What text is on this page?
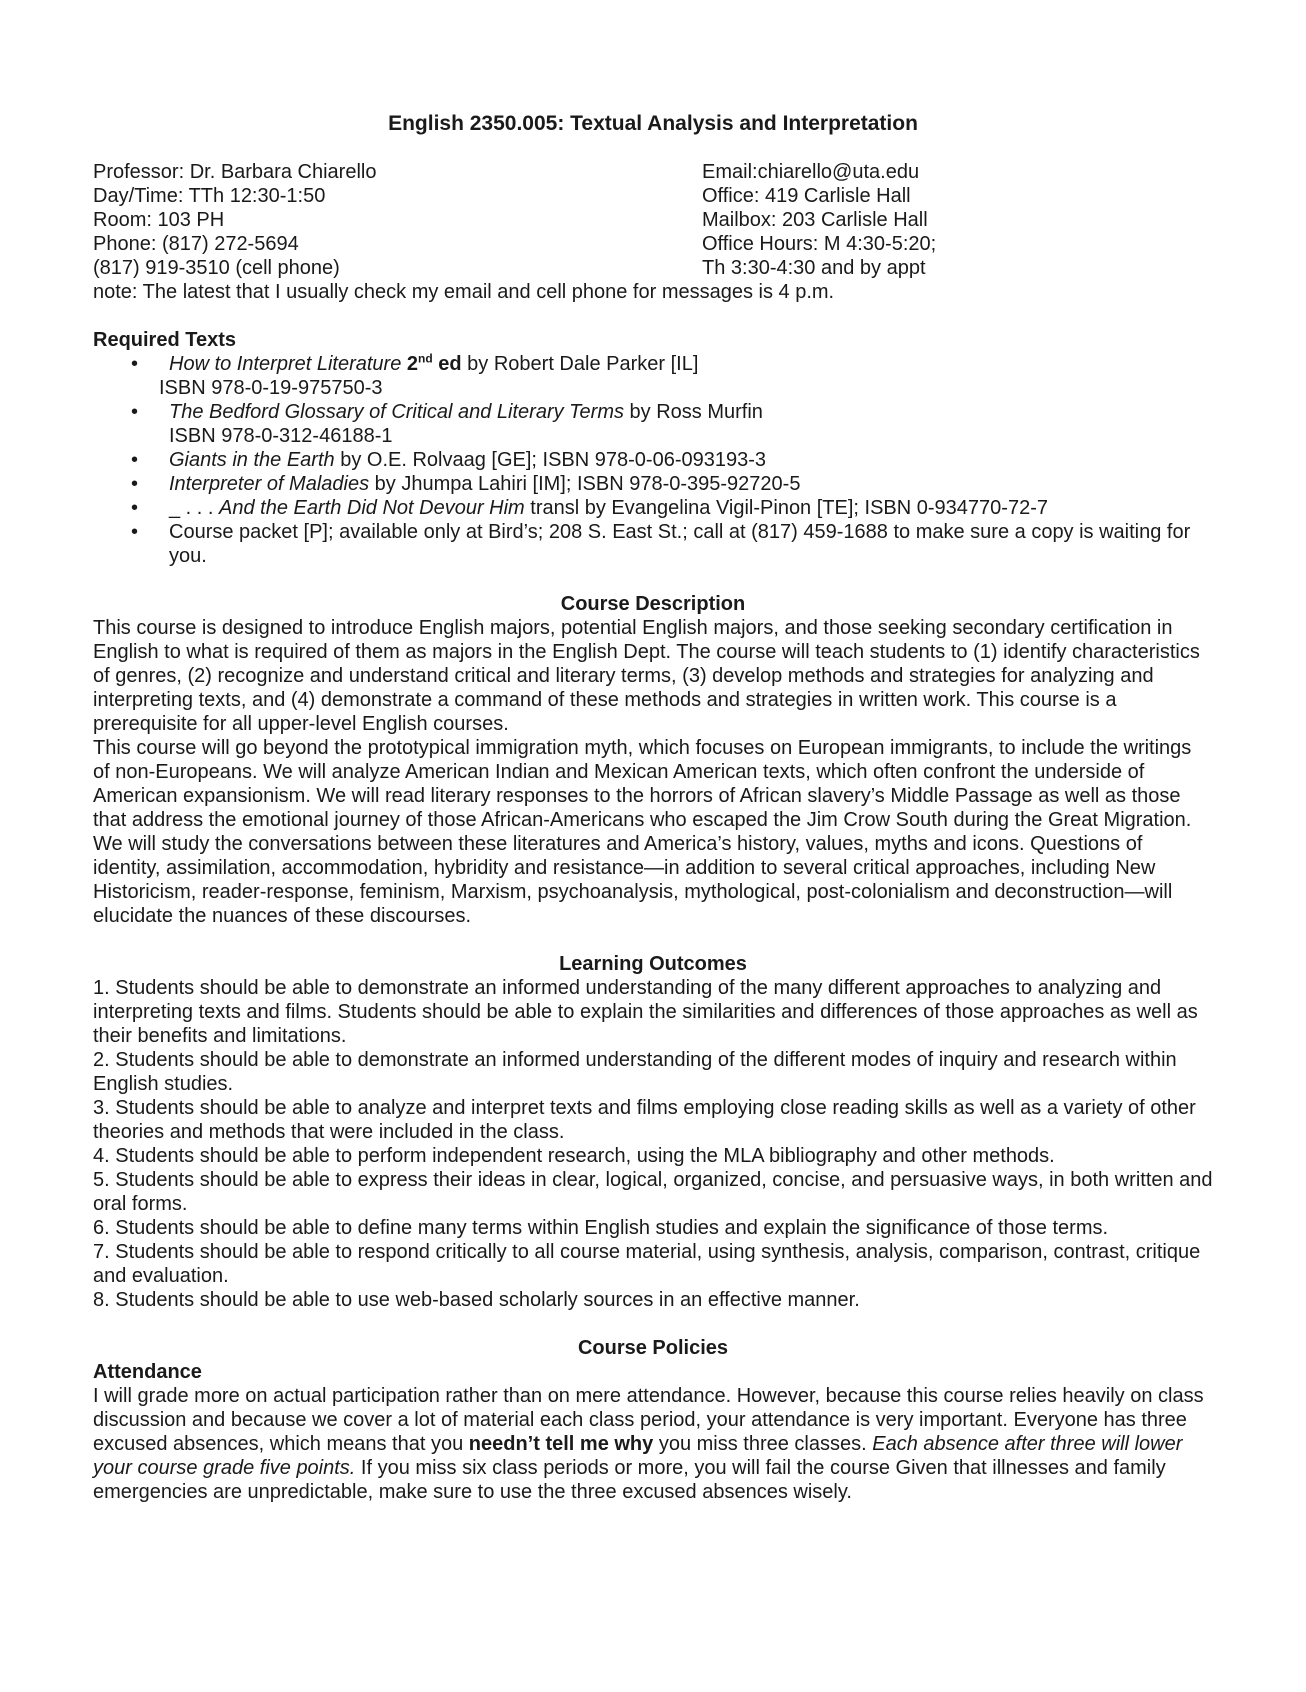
English 2350.005: Textual Analysis and Interpretation
Professor: Dr. Barbara Chiarello
Day/Time: TTh 12:30-1:50
Room: 103 PH
Phone: (817) 272-5694
(817) 919-3510 (cell phone)
Email:chiarello@uta.edu
Office: 419 Carlisle Hall
Mailbox: 203 Carlisle Hall
Office Hours: M 4:30-5:20;
Th 3:30-4:30 and by appt
note: The latest that I usually check my email and cell phone for messages is 4 p.m.
Required Texts
• How to Interpret Literature 2nd ed by Robert Dale Parker [IL]
ISBN 978-0-19-975750-3
• The Bedford Glossary of Critical and Literary Terms by Ross Murfin
ISBN 978-0-312-46188-1
• Giants in the Earth by O.E. Rolvaag [GE]; ISBN 978-0-06-093193-3
• Interpreter of Maladies by Jhumpa Lahiri [IM]; ISBN 978-0-395-92720-5
• _ . . . And the Earth Did Not Devour Him transl by Evangelina Vigil-Pinon [TE]; ISBN 0-934770-72-7
• Course packet [P]; available only at Bird’s; 208 S. East St.; call at (817) 459-1688 to make sure a copy is waiting for you.
Course Description

This course is designed to introduce English majors, potential English majors, and those seeking secondary certification in English to what is required of them as majors in the English Dept. The course will teach students to (1) identify characteristics of genres, (2) recognize and understand critical and literary terms, (3) develop methods and strategies for analyzing and interpreting texts, and (4) demonstrate a command of these methods and strategies in written work. This course is a prerequisite for all upper-level English courses.

This course will go beyond the prototypical immigration myth, which focuses on European immigrants, to include the writings of non-Europeans. We will analyze American Indian and Mexican American texts, which often confront the underside of American expansionism. We will read literary responses to the horrors of African slavery’s Middle Passage as well as those that address the emotional journey of those African-Americans who escaped the Jim Crow South during the Great Migration.

We will study the conversations between these literatures and America’s history, values, myths and icons. Questions of identity, assimilation, accommodation, hybridity and resistance—in addition to several critical approaches, including New Historicism, reader-response, feminism, Marxism, psychoanalysis, mythological, post-colonialism and deconstruction—will elucidate the nuances of these discourses.

Learning Outcomes

1. Students should be able to demonstrate an informed understanding of the many different approaches to analyzing and interpreting texts and films. Students should be able to explain the similarities and differences of those approaches as well as their benefits and limitations.

2. Students should be able to demonstrate an informed understanding of the different modes of inquiry and research within English studies.

3. Students should be able to analyze and interpret texts and films employing close reading skills as well as a variety of other theories and methods that were included in the class.

4. Students should be able to perform independent research, using the MLA bibliography and other methods.

5. Students should be able to express their ideas in clear, logical, organized, concise, and persuasive ways, in both written and oral forms.

6. Students should be able to define many terms within English studies and explain the significance of those terms.

7. Students should be able to respond critically to all course material, using synthesis, analysis, comparison, contrast, critique and evaluation.

8. Students should be able to use web-based scholarly sources in an effective manner.

Course Policies
Attendance

I will grade more on actual participation rather than on mere attendance. However, because this course relies heavily on class discussion and because we cover a lot of material each class period, your attendance is very important. Everyone has three excused absences, which means that you needn’t tell me why you miss three classes. Each absence after three will lower your course grade five points. If you miss six class periods or more, you will fail the course Given that illnesses and family emergencies are unpredictable, make sure to use the three excused absences wisely.
